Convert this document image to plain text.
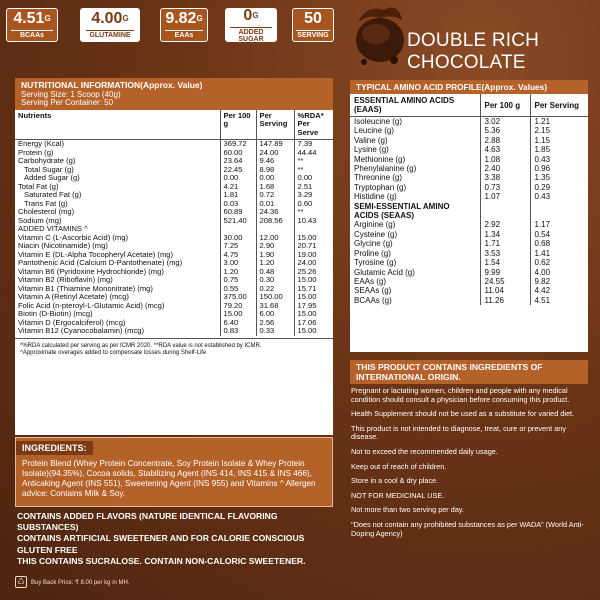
$4.51^G$
BCAAs
$4.00^G$
GLUTAMINE
$9.82^G$
EAAs
$0^G$
ADDED SUGAR
50
SERVING	DOUBLE RICH CHOCOLATE
NUTRITIONAL INFORMATION(Approx. Value)
Serving Size: 1 Scoop (40g)
Serving Per Container: 50
Nutrients	Per 100 g	Per Serving	%RDA* Per Serve
Energy (Kcal)	369.72	147.89	7.39
Protein (g)	60.00	24.00	44.44
Carbohydrate (g)	23.64	9.46	**
Total Sugar (g)	22.45	8.98	**
Added Sugar (g)	0.00	0.00	0.00
Total Fat (g)	4.21	1.68	2.51
Saturated Fat (g)	1.81	0.72	3.29
Trans Fat (g)	0.03	0.01	0.60
Cholesterol (mg)	60.89	24.36	**
Sodium (mg)	521.40	208.56	10.43
ADDED VITAMINS ^			
Vitamin C (L-Ascorbic Acid) (mg)	30.00	12.00	15.00
Niacin (Nicotinamide) (mg)	7.25	2.90	20.71
Vitamin E (DL-Alpha Tocopheryl Acetate) (mg)	4.75	1.90	19.00
Pantothenic Acid (Calcium D-Pantothenate) (mg)	3.00	1.20	24.00
Vitamin B6 (Pyridoxine Hydrochloride) (mg)	1.20	0.48	25.26
Vitamin B2 (Riboflavin) (mg)	0.75	0.30	15.00
Vitamin B1 (Thiamine Mononitrate) (mg)	0.55	0.22	15.71
Vitamin A (Retinyl Acetate) (mcg)	375.00	150.00	15.00
Folic Acid (n-pteroyl-L-Glutamic Acid) (mcg)	79.20	31.68	17.95
Biotin (D-Biotin) (mcg)	15.00	6.00	15.00
Vitamin D (Ergocalciferol) (mcg)	6.40	2.56	17.06
Vitamin B12 (Cyanocobalamin) (mcg)	0.83	0.33	15.00
*%RDA calculated per serving as per ICMR 2020. **RDA value is not established by ICMR.
^Approximate overages added to compensate losses during Shelf-Life
INGREDIENTS:
Protein Blend (Whey Protein Concentrate, Soy Protein Isolate & Whey Protein Isolate)(94.35%), Cocoa solids, Stabilizing Agent (INS 414, INS 415 & INS 466), Anticaking Agent (INS 551), Sweetening Agent (INS 955) and Vitamins ^ Allergen advice: Contains Milk & Soy.
CONTAINS ADDED FLAVORS (NATURE IDENTICAL FLAVORING SUBSTANCES)
CONTAINS ARTIFICIAL SWEETENER AND FOR CALORIE CONSCIOUS
GLUTEN FREE
THIS CONTAINS SUCRALOSE. CONTAIN NON-CALORIC SWEETENER.
♺	Buy Back Price: ₹ 8.00 per kg in MH.
TYPICAL AMINO ACID PROFILE(Approx. Values)
ESSENTIAL AMINO ACIDS (EAAS)	Per 100 g	Per Serving
Isoleucine (g)	3.02	1.21
Leucine (g)	5.36	2.15
Valine (g)	2.88	1.15
Lysine (g)	4.63	1.85
Methionine (g)	1.08	0.43
Phenylalanine (g)	2.40	0.96
Threonine (g)	3.38	1.35
Tryptophan (g)	0.73	0.29
Histidine (g)	1.07	0.43
SEMI-ESSENTIAL AMINO ACIDS (SEAAS)		
Arginine (g)	2.92	1.17
Cysteine (g)	1.34	0.54
Glycine (g)	1.71	0.68
Proline (g)	3.53	1.41
Tyrosine (g)	1.54	0.62
Glutamic Acid (g)	9.99	4.00
EAAs (g)	24.55	9.82
SEAAs (g)	11.04	4.42
BCAAs (g)	11.26	4.51
THIS PRODUCT CONTAINS INGREDIENTS OF INTERNATIONAL ORIGIN.

Pregnant or lactating women, children and people with any medical condition should consult a physician before consuming this product.

Health Supplement should not be used as a substitute for varied diet.

This product is not intended to diagnose, treat, cure or prevent any disease.

Not to exceed the recommended daily usage.

Keep out of reach of children.

Store in a cool & dry place.

NOT FOR MEDICINAL USE.

Not more than two serving per day.

"Does not contain any prohibited substances as per WADA" (World Anti-Doping Agency)
